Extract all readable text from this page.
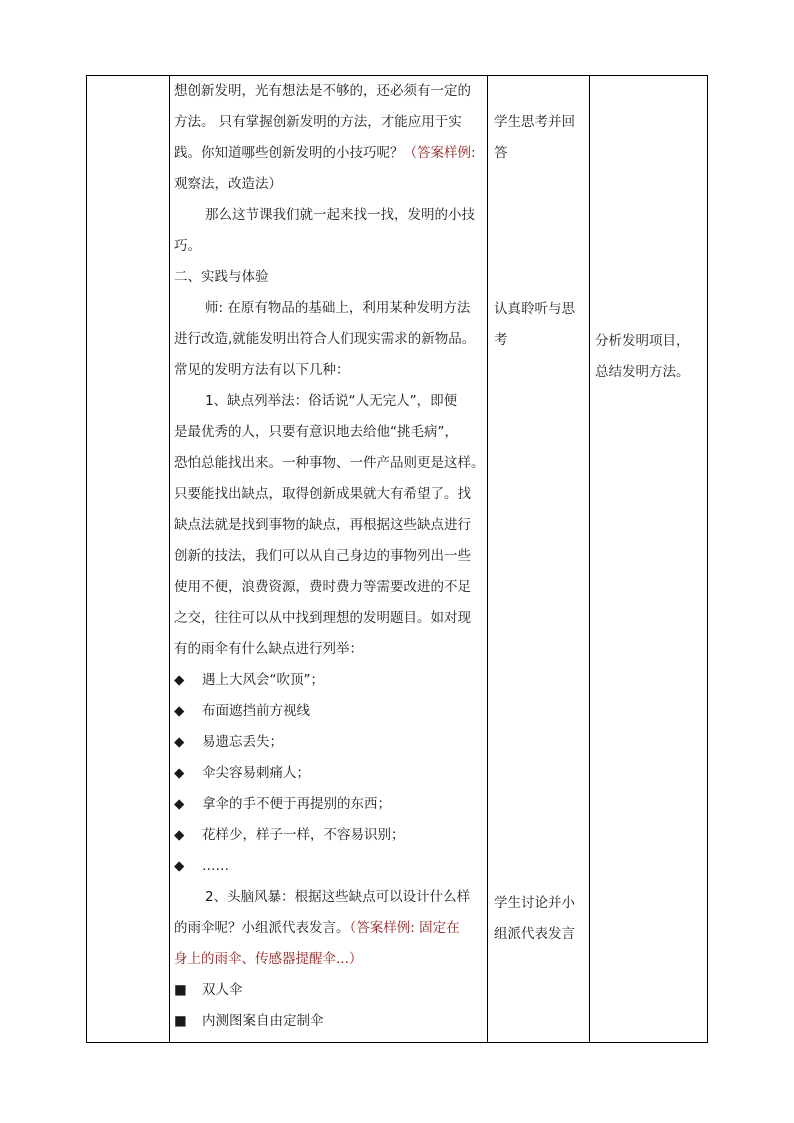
想创新发明，光有想法是不够的，还必须有一定的
方法。 只有掌握创新发明的方法，才能应用于实
践。你知道哪些创新发明的小技巧呢？（答案样例:
观察法，改造法）
那么这节课我们就一起来找一找，发明的小技
巧。
二、实践与体验
师: 在原有物品的基础上，利用某种发明方法
进行改造,就能发明出符合人们现实需求的新物品。
常见的发明方法有以下几种：
1、缺点列举法：俗话说“人无完人”，即便
是最优秀的人，只要有意识地去给他“挑毛病”，
恐怕总能找出来。一种事物、一件产品则更是这样。
只要能找出缺点，取得创新成果就大有希望了。找
缺点法就是找到事物的缺点，再根据这些缺点进行
创新的技法，我们可以从自己身边的事物列出一些
使用不便，浪费资源，费时费力等需要改进的不足
之交，往往可以从中找到理想的发明题目。如对现
有的雨伞有什么缺点进行列举：
◆ 遇上大风会“吹顶”；
◆ 布面遮挡前方视线
◆ 易遗忘丢失；
◆ 伞尖容易刺痛人；
◆ 拿伞的手不便于再提别的东西；
◆ 花样少，样子一样，不容易识别；
◆ ……
2、头脑风暴：根据这些缺点可以设计什么样
的雨伞呢？小组派代表发言。（答案样例: 固定在
身上的雨伞、传感器提醒伞...）
■ 双人伞
■ 内测图案自由定制伞
学生思考并回
答
认真聆听与思
考
学生讨论并小
组派代表发言
分析发明项目，
总结发明方法。
